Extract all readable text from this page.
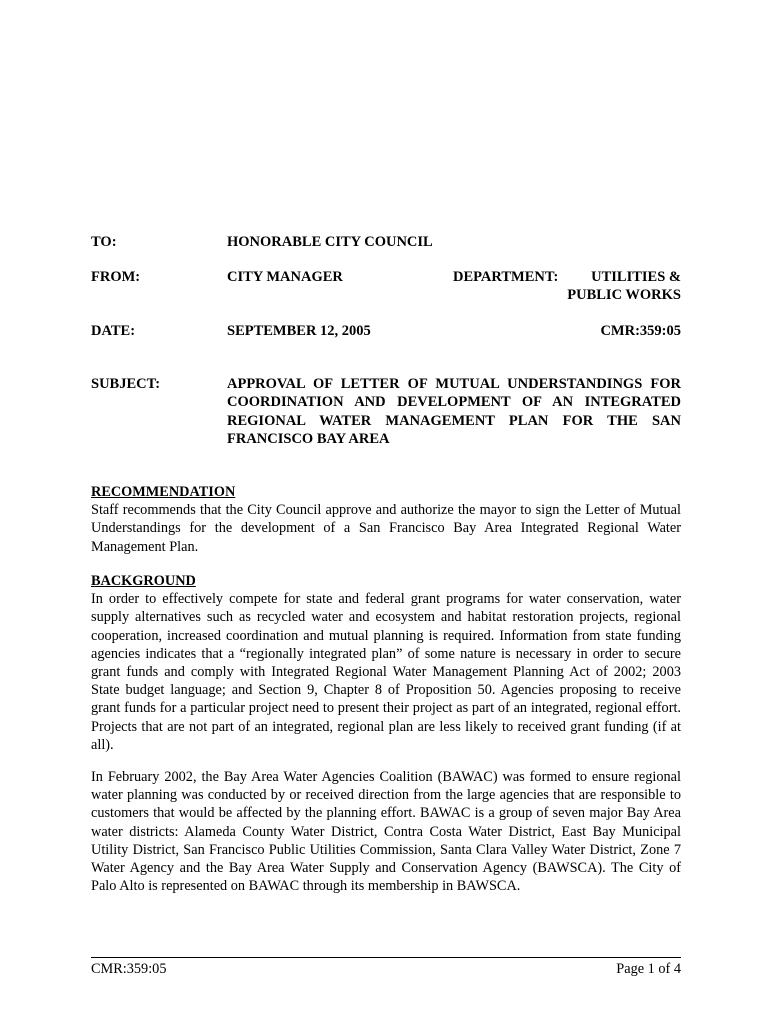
TO:	HONORABLE CITY COUNCIL
FROM:	CITY MANAGER	DEPARTMENT: UTILITIES &
PUBLIC WORKS
DATE:	SEPTEMBER 12, 2005	CMR:359:05
SUBJECT:	APPROVAL OF LETTER OF MUTUAL UNDERSTANDINGS FOR COORDINATION AND DEVELOPMENT OF AN INTEGRATED REGIONAL WATER MANAGEMENT PLAN FOR THE SAN FRANCISCO BAY AREA
RECOMMENDATION
Staff recommends that the City Council approve and authorize the mayor to sign the Letter of Mutual Understandings for the development of a San Francisco Bay Area Integrated Regional Water Management Plan.
BACKGROUND
In order to effectively compete for state and federal grant programs for water conservation, water supply alternatives such as recycled water and ecosystem and habitat restoration projects, regional cooperation, increased coordination and mutual planning is required. Information from state funding agencies indicates that a “regionally integrated plan” of some nature is necessary in order to secure grant funds and comply with Integrated Regional Water Management Planning Act of 2002; 2003 State budget language; and Section 9, Chapter 8 of Proposition 50. Agencies proposing to receive grant funds for a particular project need to present their project as part of an integrated, regional effort. Projects that are not part of an integrated, regional plan are less likely to received grant funding (if at all).
In February 2002, the Bay Area Water Agencies Coalition (BAWAC) was formed to ensure regional water planning was conducted by or received direction from the large agencies that are responsible to customers that would be affected by the planning effort. BAWAC is a group of seven major Bay Area water districts: Alameda County Water District, Contra Costa Water District, East Bay Municipal Utility District, San Francisco Public Utilities Commission, Santa Clara Valley Water District, Zone 7 Water Agency and the Bay Area Water Supply and Conservation Agency (BAWSCA). The City of Palo Alto is represented on BAWAC through its membership in BAWSCA.
CMR:359:05	Page 1 of 4
